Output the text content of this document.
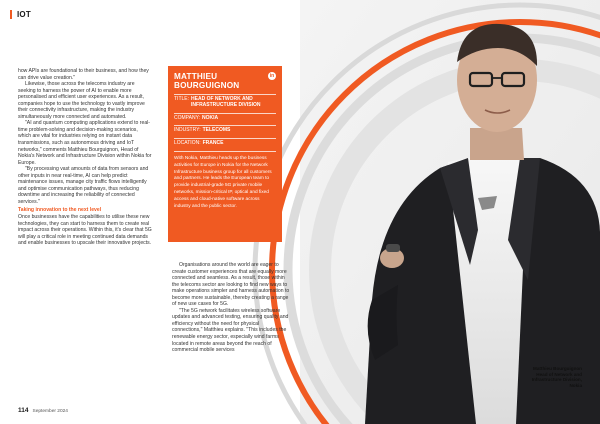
IOT

how APIs are foundational to their business, and how they can drive value creation."

Likewise, those across the telecoms industry are seeking to harness the power of AI to enable more personalised and efficient user experiences. As a result, companies hope to use the technology to vastly improve their connectivity infrastructure, making the industry simultaneously more connected and automated.

"AI and quantum computing applications extend to real-time problem-solving and decision-making scenarios, which are vital for industries relying on instant data transmissions, such as autonomous driving and IoT networks," comments Matthieu Bourguignon, Head of Nokia's Network and Infrastructure Division within Nokia for Europe.

"By processing vast amounts of data from sensors and other inputs in near real-time, AI can help predict maintenance issues, manage city traffic flows intelligently and optimise communication pathways, thus reducing downtime and increasing the reliability of connected services."

Taking innovation to the next level

Once businesses have the capabilities to utilise these new technologies, they can start to harness them to create real impact across their operations. Within this, it's clear that 5G will play a critical role in meeting continued data demands and enable businesses to upscale their innovative projects.

in
MATTHIEU BOURGUIGNON
TITLE: HEAD OF NETWORK AND INFRASTRUCTURE DIVISION
COMPANY: NOKIA
INDUSTRY: TELECOMS
LOCATION: FRANCE
With Nokia, Matthieu heads up the business activities for Europe in Nokia for the Network Infrastructure business group for all customers and partners. He leads the European team to provide industrial-grade 5G private mobile networks, mission-critical IP, optical and fixed access and cloud-native software across industry and the public sector.

Organisations around the world are eager to create customer experiences that are equally more connected and seamless. As a result, those within the telecoms sector are looking to find new ways to make operations simpler and harness automation to become more sustainable, thereby creating a range of new use cases for 5G.

"The 5G network facilitates wireless software updates and advanced testing, ensuring quality and efficiency without the need for physical connections," Matthieu explains. "This includes the renewable energy sector, especially wind farms located in remote areas beyond the reach of commercial mobile services

Matthieu Bourguignon
Head of Network and
Infrastructure Division,
Nokia
114 September 2024
